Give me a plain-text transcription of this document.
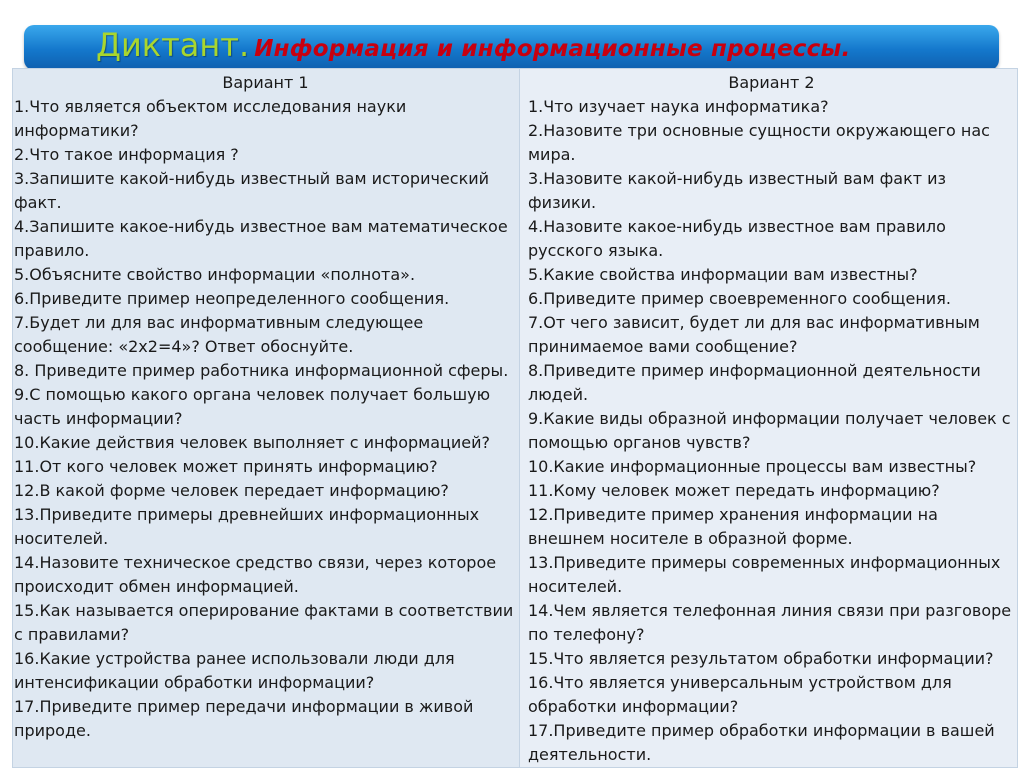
Диктант. Информация и информационные процессы.
Вариант 1

1.Что является объектом исследования науки информатики?

2.Что такое информация ?

3.Запишите какой-нибудь известный вам исторический факт.

4.Запишите какое-нибудь известное вам математическое правило.

5.Объясните свойство информации «полнота».

6.Приведите пример неопределенного сообщения.

7.Будет ли для вас информативным следующее сообщение: «2x2=4»? Ответ обоснуйте.

8. Приведите пример работника информационной сферы.

9.С помощью какого органа человек получает большую часть информации?

10.Какие действия человек выполняет с информацией?

11.От кого человек может принять информацию?

12.В какой форме человек передает информацию?

13.Приведите примеры древнейших информационных носителей.

14.Назовите техническое средство связи, через которое происходит обмен информацией.

15.Как называется оперирование фактами в соответствии с правилами?

16.Какие устройства ранее использовали люди для интенсификации обработки информации?

17.Приведите пример передачи информации в живой природе.

Вариант 2

1.Что изучает наука информатика?

2.Назовите три основные сущности окружающего нас мира.

3.Назовите какой-нибудь известный вам факт из физики.

4.Назовите какое-нибудь известное вам правило русского языка.

5.Какие свойства информации вам известны?

6.Приведите пример своевременного сообщения.

7.От чего зависит, будет ли для вас информативным принимаемое вами сообщение?

8.Приведите пример информационной деятельности людей.

9.Какие виды образной информации получает человек с помощью органов чувств?

10.Какие информационные процессы вам известны?

11.Кому человек может передать информацию?

12.Приведите пример хранения информации на внешнем носителе в образной форме.

13.Приведите примеры современных информационных носителей.

14.Чем является телефонная линия связи при разговоре по телефону?

15.Что является результатом обработки информации?

16.Что является универсальным устройством для обработки информации?

17.Приведите пример обработки информации в вашей деятельности.
